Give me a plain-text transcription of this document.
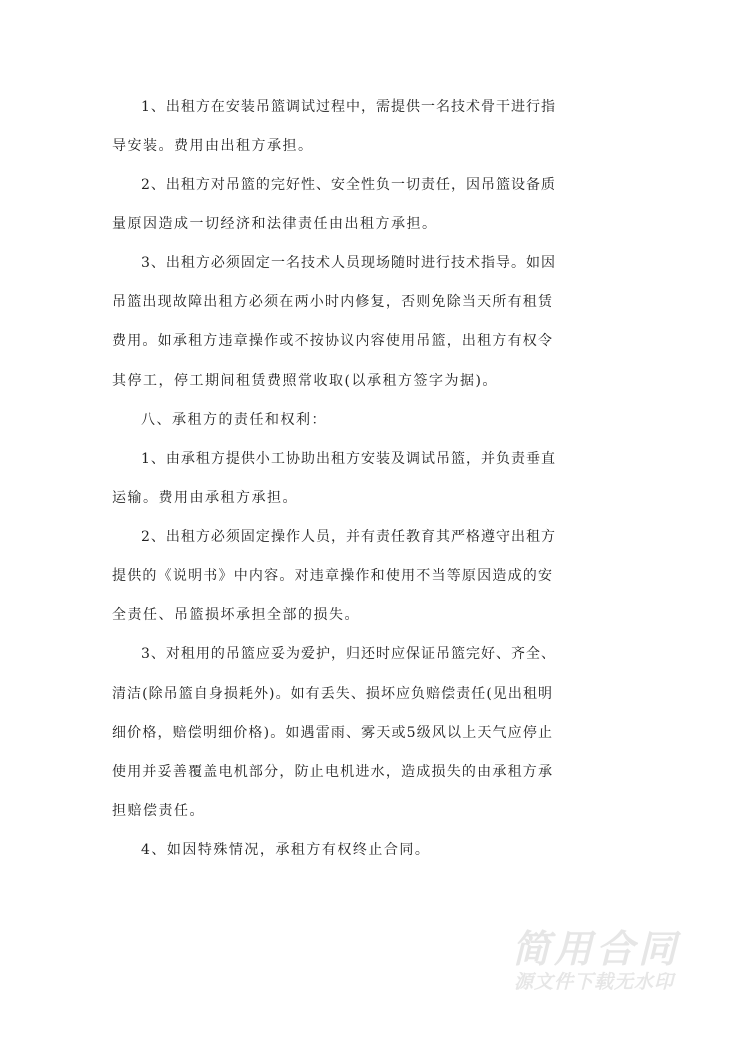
1、出租方在安装吊篮调试过程中，需提供一名技术骨干进行指
导安装。费用由出租方承担。
2、出租方对吊篮的完好性、安全性负一切责任，因吊篮设备质
量原因造成一切经济和法律责任由出租方承担。
3、出租方必须固定一名技术人员现场随时进行技术指导。如因
吊篮出现故障出租方必须在两小时内修复，否则免除当天所有租赁
费用。如承租方违章操作或不按协议内容使用吊篮，出租方有权令
其停工，停工期间租赁费照常收取(以承租方签字为据)。
八、承租方的责任和权利：
1、由承租方提供小工协助出租方安装及调试吊篮，并负责垂直
运输。费用由承租方承担。
2、出租方必须固定操作人员，并有责任教育其严格遵守出租方
提供的《说明书》中内容。对违章操作和使用不当等原因造成的安
全责任、吊篮损坏承担全部的损失。
3、对租用的吊篮应妥为爱护，归还时应保证吊篮完好、齐全、
清洁(除吊篮自身损耗外)。如有丢失、损坏应负赔偿责任(见出租明
细价格，赔偿明细价格)。如遇雷雨、雾天或5级风以上天气应停止
使用并妥善覆盖电机部分，防止电机进水，造成损失的由承租方承
担赔偿责任。
4、如因特殊情况，承租方有权终止合同。
简用合同
源文件下载无水印
